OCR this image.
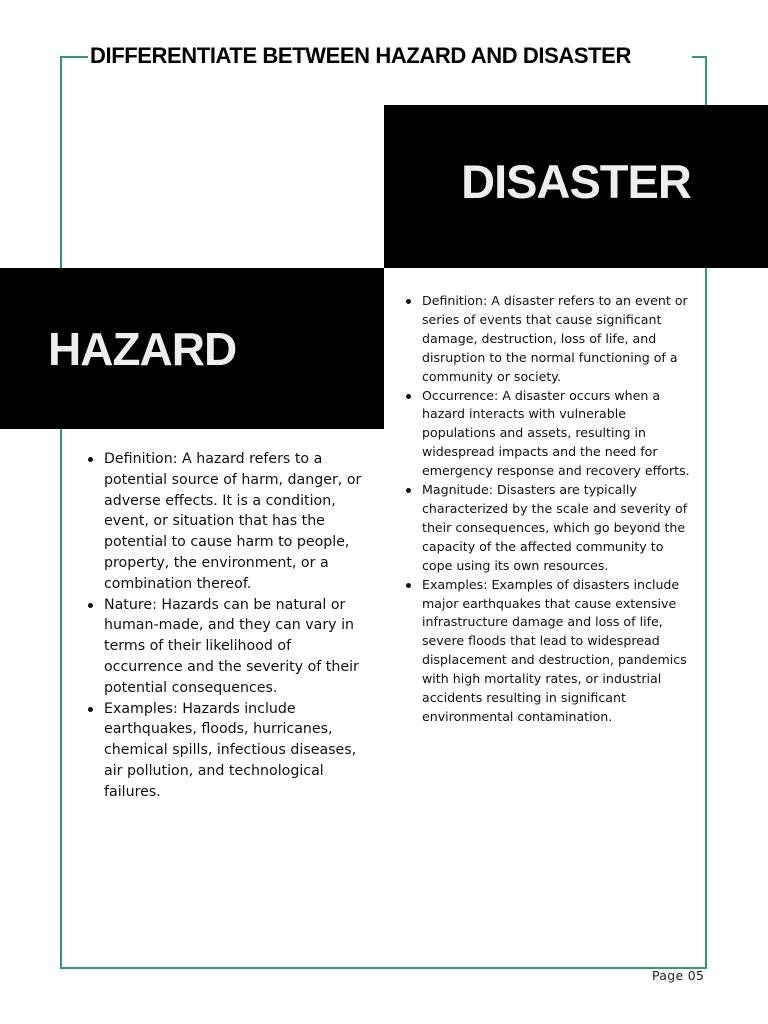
DIFFERENTIATE BETWEEN HAZARD AND DISASTER
DISASTER
HAZARD
Definition: A hazard refers to a potential source of harm, danger, or adverse effects. It is a condition, event, or situation that has the potential to cause harm to people, property, the environment, or a combination thereof.
Nature: Hazards can be natural or human-made, and they can vary in terms of their likelihood of occurrence and the severity of their potential consequences.
Examples: Hazards include earthquakes, floods, hurricanes, chemical spills, infectious diseases, air pollution, and technological failures.
Definition: A disaster refers to an event or series of events that cause significant damage, destruction, loss of life, and disruption to the normal functioning of a community or society.
Occurrence: A disaster occurs when a hazard interacts with vulnerable populations and assets, resulting in widespread impacts and the need for emergency response and recovery efforts.
Magnitude: Disasters are typically characterized by the scale and severity of their consequences, which go beyond the capacity of the affected community to cope using its own resources.
Examples: Examples of disasters include major earthquakes that cause extensive infrastructure damage and loss of life, severe floods that lead to widespread displacement and destruction, pandemics with high mortality rates, or industrial accidents resulting in significant environmental contamination.
Page 05
